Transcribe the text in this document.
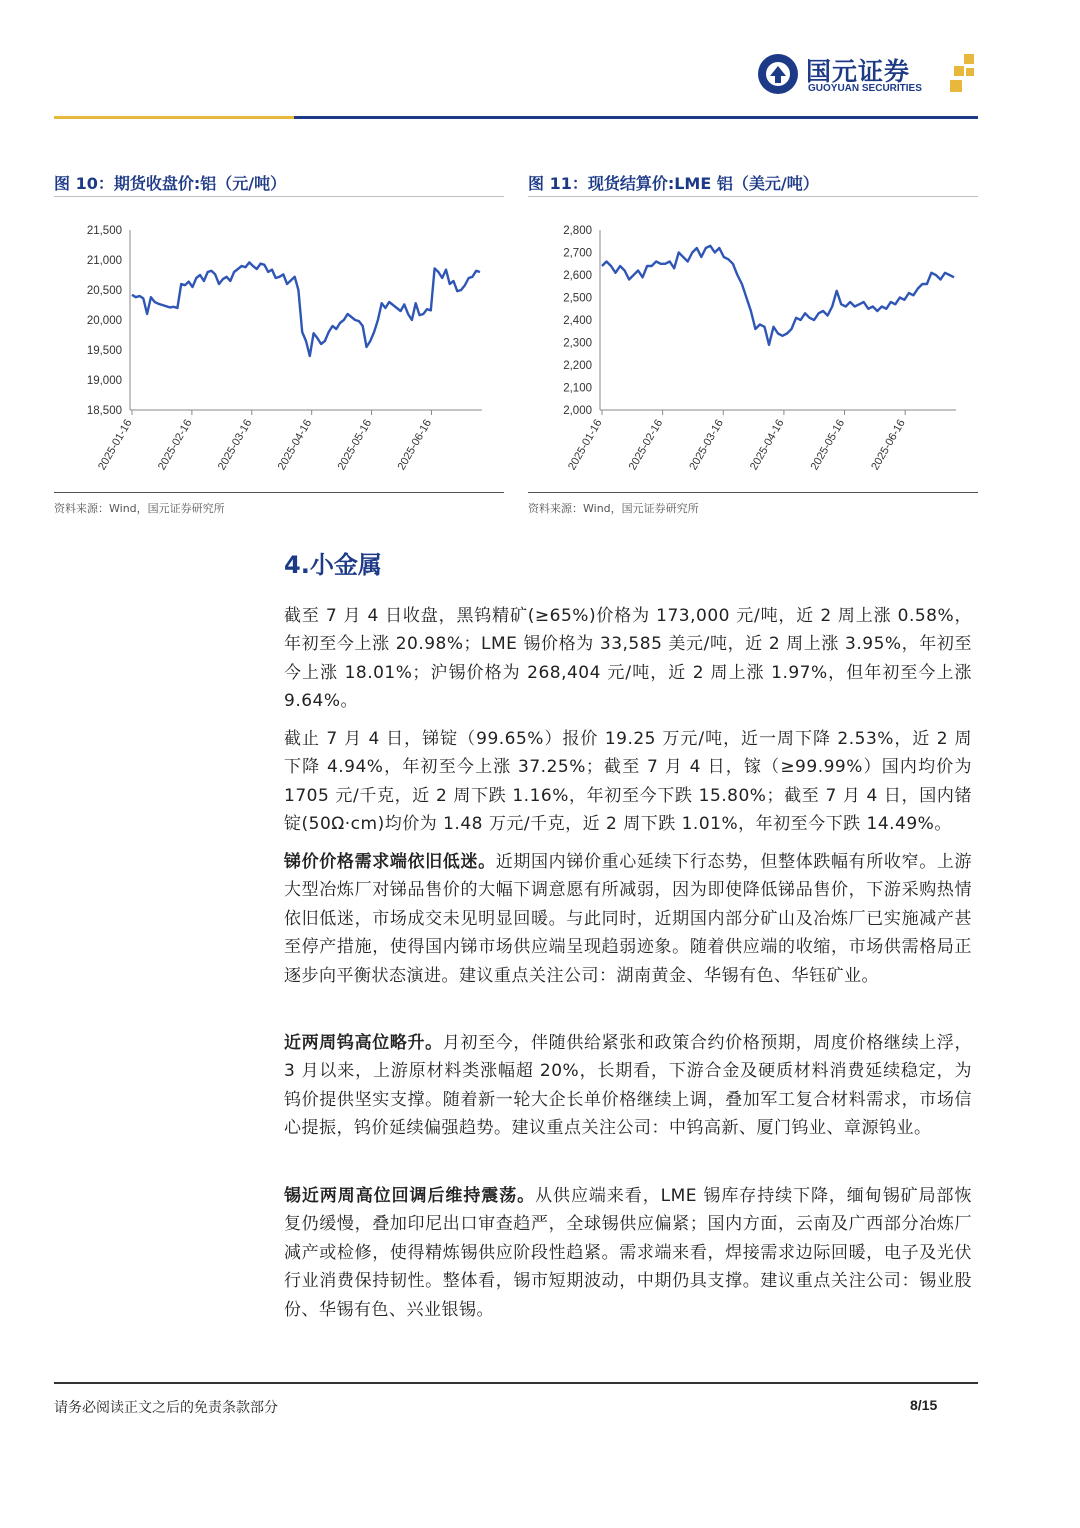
国元证券
GUOYUAN SECURITIES
图 10：期货收盘价:铝（元/吨）
21,500
21,000
20,500
20,000
19,500
19,000
18,500
2025-01-16 2025-02-16 2025-03-16 2025-04-16 2025-05-16 2025-06-16
资料来源：Wind，国元证券研究所
图 11：现货结算价:LME 铝（美元/吨）
2,800
2,700
2,600
2,500
2,400
2,300
2,200
2,100
2,000
2025-01-16 2025-02-16 2025-03-16 2025-04-16 2025-05-16 2025-06-16
资料来源：Wind，国元证券研究所
4.小金属
截至 7 月 4 日收盘，黑钨精矿(≥65%)价格为 173,000 元/吨，近 2 周上涨 0.58%，年初至今上涨 20.98%；LME 锡价格为 33,585 美元/吨，近 2 周上涨 3.95%，年初至今上涨 18.01%；沪锡价格为 268,404 元/吨，近 2 周上涨 1.97%，但年初至今上涨 9.64%。
截止 7 月 4 日，锑锭（99.65%）报价 19.25 万元/吨，近一周下降 2.53%，近 2 周下降 4.94%，年初至今上涨 37.25%；截至 7 月 4 日，镓（≥99.99%）国内均价为 1705 元/千克，近 2 周下跌 1.16%，年初至今下跌 15.80%；截至 7 月 4 日，国内锗锭(50Ω·cm)均价为 1.48 万元/千克，近 2 周下跌 1.01%，年初至今下跌 14.49%。
锑价价格需求端依旧低迷。近期国内锑价重心延续下行态势，但整体跌幅有所收窄。上游大型冶炼厂对锑品售价的大幅下调意愿有所减弱，因为即使降低锑品售价，下游采购热情依旧低迷，市场成交未见明显回暖。与此同时，近期国内部分矿山及冶炼厂已实施减产甚至停产措施，使得国内锑市场供应端呈现趋弱迹象。随着供应端的收缩，市场供需格局正逐步向平衡状态演进。建议重点关注公司：湖南黄金、华锡有色、华钰矿业。
近两周钨高位略升。月初至今，伴随供给紧张和政策合约价格预期，周度价格继续上浮，3 月以来，上游原材料类涨幅超 20%，长期看，下游合金及硬质材料消费延续稳定，为钨价提供坚实支撑。随着新一轮大企长单价格继续上调，叠加军工复合材料需求，市场信心提振，钨价延续偏强趋势。建议重点关注公司：中钨高新、厦门钨业、章源钨业。
锡近两周高位回调后维持震荡。从供应端来看，LME 锡库存持续下降，缅甸锡矿局部恢复仍缓慢，叠加印尼出口审查趋严，全球锡供应偏紧；国内方面，云南及广西部分冶炼厂减产或检修，使得精炼锡供应阶段性趋紧。需求端来看，焊接需求边际回暖，电子及光伏行业消费保持韧性。整体看，锡市短期波动，中期仍具支撑。建议重点关注公司：锡业股份、华锡有色、兴业银锡。
请务必阅读正文之后的免责条款部分	8/15
